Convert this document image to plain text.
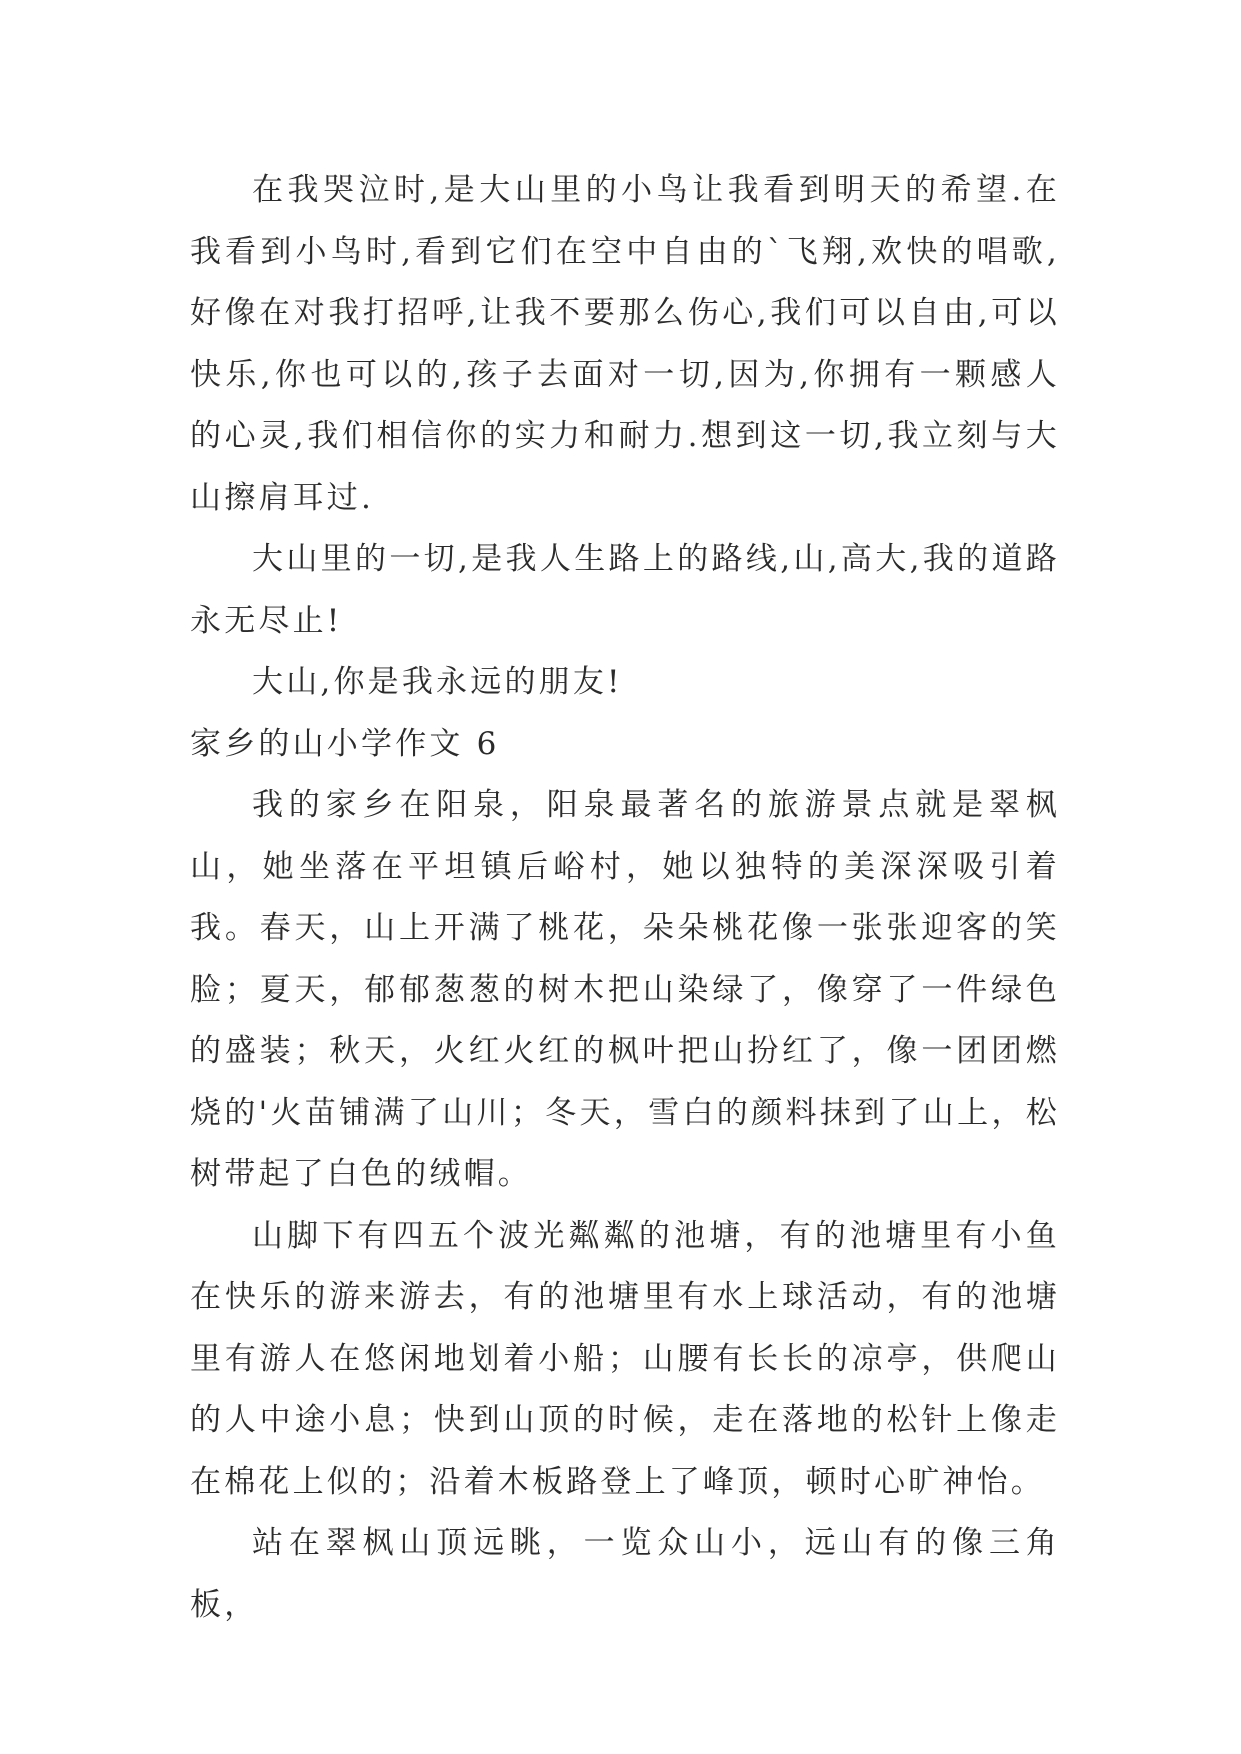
在我哭泣时,是大山里的小鸟让我看到明天的希望.在我看到小鸟时,看到它们在空中自由的`飞翔,欢快的唱歌,好像在对我打招呼,让我不要那么伤心,我们可以自由,可以快乐,你也可以的,孩子去面对一切,因为,你拥有一颗感人的心灵,我们相信你的实力和耐力.想到这一切,我立刻与大山擦肩耳过.

大山里的一切,是我人生路上的路线,山,高大,我的道路永无尽止!

大山,你是我永远的朋友!

家乡的山小学作文 6

我的家乡在阳泉，阳泉最著名的旅游景点就是翠枫山，她坐落在平坦镇后峪村，她以独特的美深深吸引着我。春天，山上开满了桃花，朵朵桃花像一张张迎客的笑脸；夏天，郁郁葱葱的树木把山染绿了，像穿了一件绿色的盛装；秋天，火红火红的枫叶把山扮红了，像一团团燃烧的'火苗铺满了山川；冬天，雪白的颜料抹到了山上，松树带起了白色的绒帽。

山脚下有四五个波光粼粼的池塘，有的池塘里有小鱼在快乐的游来游去，有的池塘里有水上球活动，有的池塘里有游人在悠闲地划着小船；山腰有长长的凉亭，供爬山的人中途小息；快到山顶的时候，走在落地的松针上像走在棉花上似的；沿着木板路登上了峰顶，顿时心旷神怡。

站在翠枫山顶远眺，一览众山小，远山有的像三角板，
